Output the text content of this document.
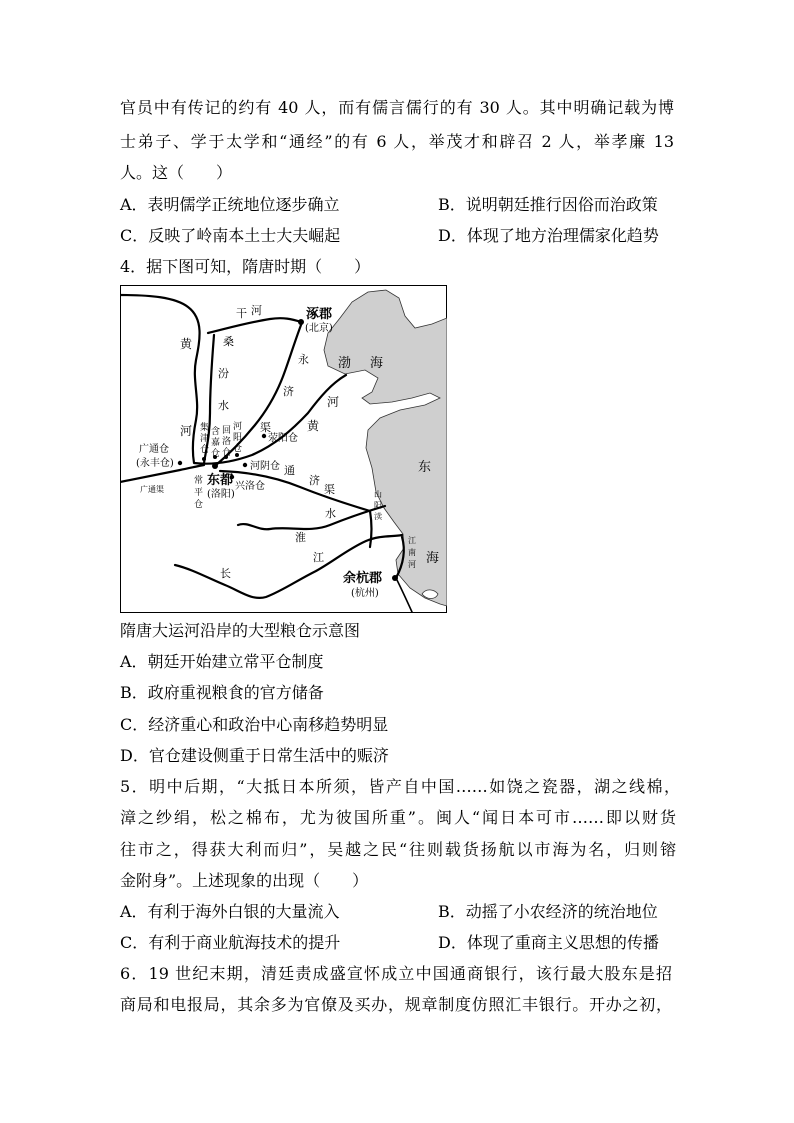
官员中有传记的约有 40 人，而有儒言儒行的有 30 人。其中明确记载为博
士弟子、学于太学和“通经”的有 6 人，举茂才和辟召 2 人，举孝廉 13
人。这（　　）
A．表明儒学正统地位逐步确立	B．说明朝廷推行因俗而治政策
C．反映了岭南本土士大夫崛起	D．体现了地方治理儒家化趋势
4．据下图可知，隋唐时期（　　）
涿郡
(北京)
东都
(洛阳)
余杭郡
(杭州)
桑
干 河
黄
河	黄
河
汾
水
永
济
渠
通
济
渠
广通渠
淮
水
长
江
山
阳
渎
江
南
河
渤 海
东
海
广通仓
(永丰仓)
集
津
仓
含
嘉
仓
回
洛
仓
河
阳
仓
荥阳仓
河阴仓
兴洛仓
常
平
仓
隋唐大运河沿岸的大型粮仓示意图
A．朝廷开始建立常平仓制度
B．政府重视粮食的官方储备
C．经济重心和政治中心南移趋势明显
D．官仓建设侧重于日常生活中的赈济
5．明中后期，“大抵日本所须，皆产自中国……如饶之瓷器，湖之线棉，
漳之纱绢，松之棉布，尤为彼国所重”。闽人“闻日本可市……即以财货
往市之，得获大利而归”，吴越之民“往则载货扬航以市海为名，归则镕
金附身”。上述现象的出现（　　）
A．有利于海外白银的大量流入	B．动摇了小农经济的统治地位
C．有利于商业航海技术的提升	D．体现了重商主义思想的传播
6．19 世纪末期，清廷责成盛宣怀成立中国通商银行，该行最大股东是招
商局和电报局，其余多为官僚及买办，规章制度仿照汇丰银行。开办之初，
